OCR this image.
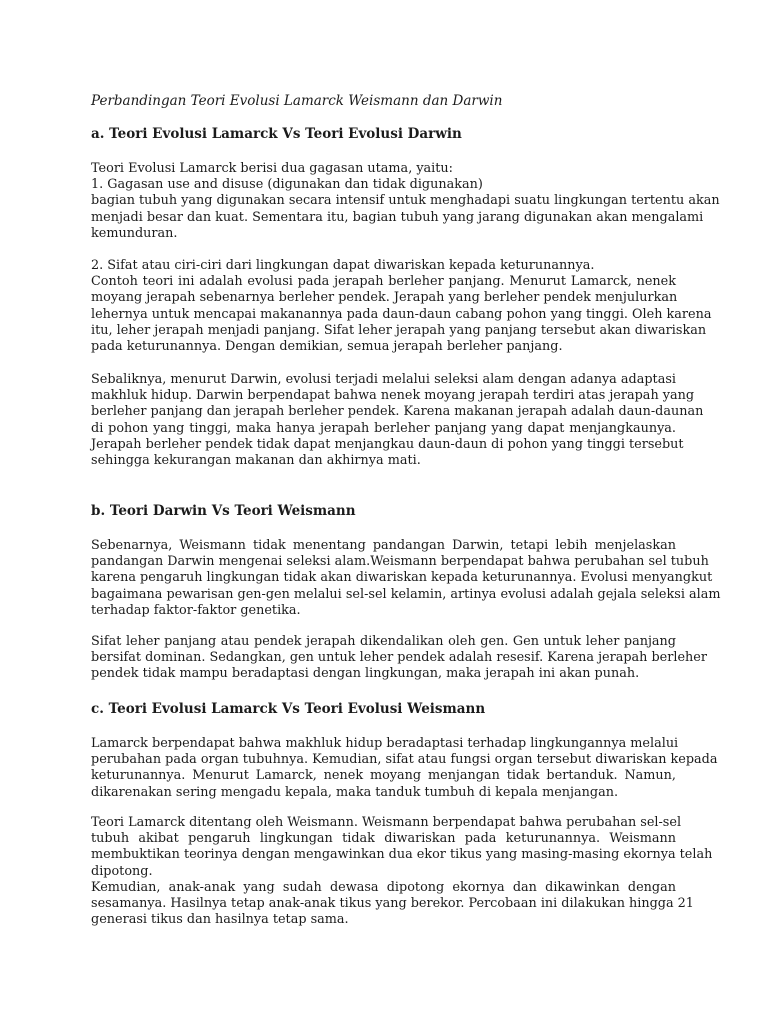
Perbandingan Teori Evolusi Lamarck Weismann dan Darwin
a. Teori Evolusi Lamarck Vs Teori Evolusi Darwin
Teori Evolusi Lamarck berisi dua gagasan utama, yaitu:
1. Gagasan use and disuse (digunakan dan tidak digunakan)
bagian tubuh yang digunakan secara intensif untuk menghadapi suatu lingkungan tertentu akan
menjadi besar dan kuat. Sementara itu, bagian tubuh yang jarang digunakan akan mengalami
kemunduran.
2. Sifat atau ciri-ciri dari lingkungan dapat diwariskan kepada keturunannya.
Contoh teori ini adalah evolusi pada jerapah berleher panjang. Menurut Lamarck, nenek
moyang jerapah sebenarnya berleher pendek. Jerapah yang berleher pendek menjulurkan
lehernya untuk mencapai makanannya pada daun-daun cabang pohon yang tinggi. Oleh karena
itu, leher jerapah menjadi panjang. Sifat leher jerapah yang panjang tersebut akan diwariskan
pada keturunannya. Dengan demikian, semua jerapah berleher panjang.
Sebaliknya, menurut Darwin, evolusi terjadi melalui seleksi alam dengan adanya adaptasi
makhluk hidup. Darwin berpendapat bahwa nenek moyang jerapah terdiri atas jerapah yang
berleher panjang dan jerapah berleher pendek. Karena makanan jerapah adalah daun-daunan
di pohon yang tinggi, maka hanya jerapah berleher panjang yang dapat menjangkaunya.
Jerapah berleher pendek tidak dapat menjangkau daun-daun di pohon yang tinggi tersebut
sehingga kekurangan makanan dan akhirnya mati.
b. Teori Darwin Vs Teori Weismann
Sebenarnya, Weismann tidak menentang pandangan Darwin, tetapi lebih menjelaskan
pandangan Darwin mengenai seleksi alam.Weismann berpendapat bahwa perubahan sel tubuh
karena pengaruh lingkungan tidak akan diwariskan kepada keturunannya. Evolusi menyangkut
bagaimana pewarisan gen-gen melalui sel-sel kelamin, artinya evolusi adalah gejala seleksi alam
terhadap faktor-faktor genetika.
Sifat leher panjang atau pendek jerapah dikendalikan oleh gen. Gen untuk leher panjang
bersifat dominan. Sedangkan, gen untuk leher pendek adalah resesif. Karena jerapah berleher
pendek tidak mampu beradaptasi dengan lingkungan, maka jerapah ini akan punah.
c. Teori Evolusi Lamarck Vs Teori Evolusi Weismann
Lamarck berpendapat bahwa makhluk hidup beradaptasi terhadap lingkungannya melalui
perubahan pada organ tubuhnya. Kemudian, sifat atau fungsi organ tersebut diwariskan kepada
keturunannya. Menurut Lamarck, nenek moyang menjangan tidak bertanduk. Namun,
dikarenakan sering mengadu kepala, maka tanduk tumbuh di kepala menjangan.
Teori Lamarck ditentang oleh Weismann. Weismann berpendapat bahwa perubahan sel-sel
tubuh akibat pengaruh lingkungan tidak diwariskan pada keturunannya. Weismann
membuktikan teorinya dengan mengawinkan dua ekor tikus yang masing-masing ekornya telah
dipotong.
Kemudian, anak-anak yang sudah dewasa dipotong ekornya dan dikawinkan dengan
sesamanya. Hasilnya tetap anak-anak tikus yang berekor. Percobaan ini dilakukan hingga 21
generasi tikus dan hasilnya tetap sama.
